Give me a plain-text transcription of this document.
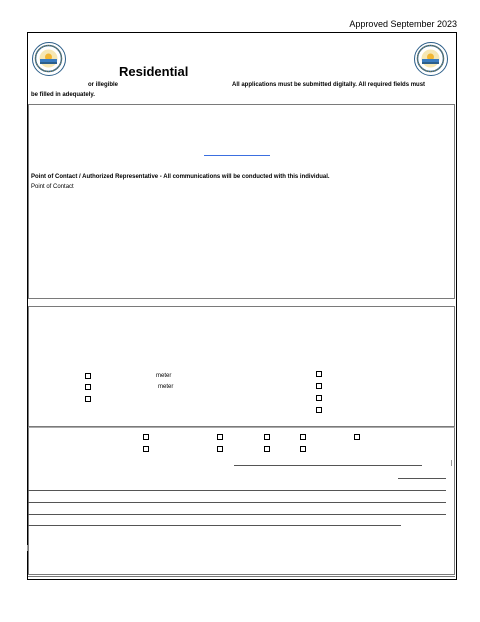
Approved September 2023
Residential
or illegible	All applications must be submitted digitally. All required fields must
be filled in adequately.
Point of Contact / Authorized Representative - All communications will be conducted with this individual.
Point of Contact
meter
meter
